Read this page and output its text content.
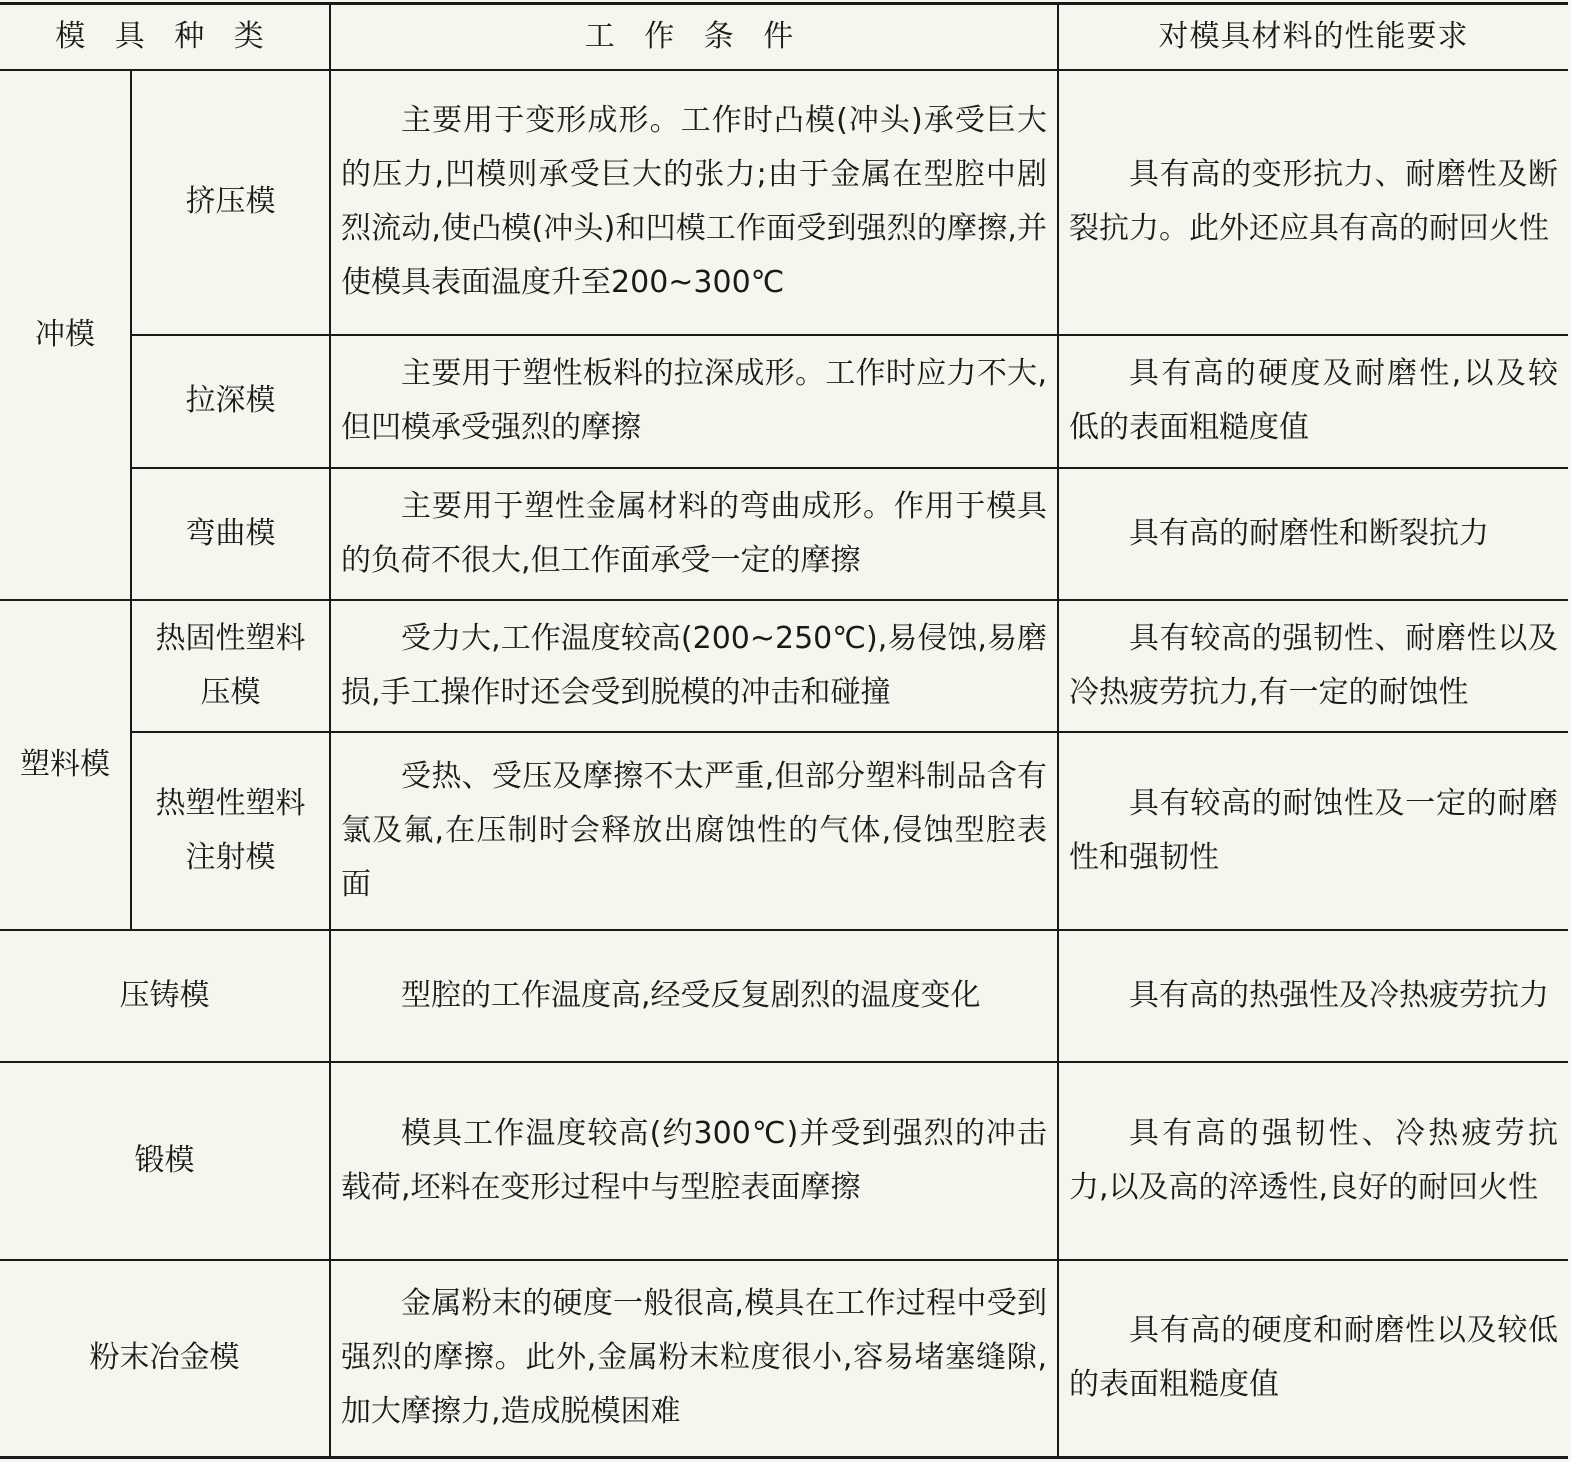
模 具 种 类		工 作 条 件	对模具材料的性能要求
冲模	挤压模	主要用于变形成形。工作时凸模(冲头)承受巨大的压力,凹模则承受巨大的张力;由于金属在型腔中剧烈流动,使凸模(冲头)和凹模工作面受到强烈的摩擦,并使模具表面温度升至200~300℃	具有高的变形抗力、耐磨性及断裂抗力。此外还应具有高的耐回火性
	拉深模	主要用于塑性板料的拉深成形。工作时应力不大,但凹模承受强烈的摩擦	具有高的硬度及耐磨性,以及较低的表面粗糙度值
	弯曲模	主要用于塑性金属材料的弯曲成形。作用于模具的负荷不很大,但工作面承受一定的摩擦	具有高的耐磨性和断裂抗力
塑料模	热固性塑料压模	受力大,工作温度较高(200~250℃),易侵蚀,易磨损,手工操作时还会受到脱模的冲击和碰撞	具有较高的强韧性、耐磨性以及冷热疲劳抗力,有一定的耐蚀性
	热塑性塑料注射模	受热、受压及摩擦不太严重,但部分塑料制品含有氯及氟,在压制时会释放出腐蚀性的气体,侵蚀型腔表面	具有较高的耐蚀性及一定的耐磨性和强韧性
压铸模		型腔的工作温度高,经受反复剧烈的温度变化	具有高的热强性及冷热疲劳抗力
锻模		模具工作温度较高(约300℃)并受到强烈的冲击载荷,坯料在变形过程中与型腔表面摩擦	具有高的强韧性、冷热疲劳抗力,以及高的淬透性,良好的耐回火性
粉末冶金模		金属粉末的硬度一般很高,模具在工作过程中受到强烈的摩擦。此外,金属粉末粒度很小,容易堵塞缝隙,加大摩擦力,造成脱模困难	具有高的硬度和耐磨性以及较低的表面粗糙度值
